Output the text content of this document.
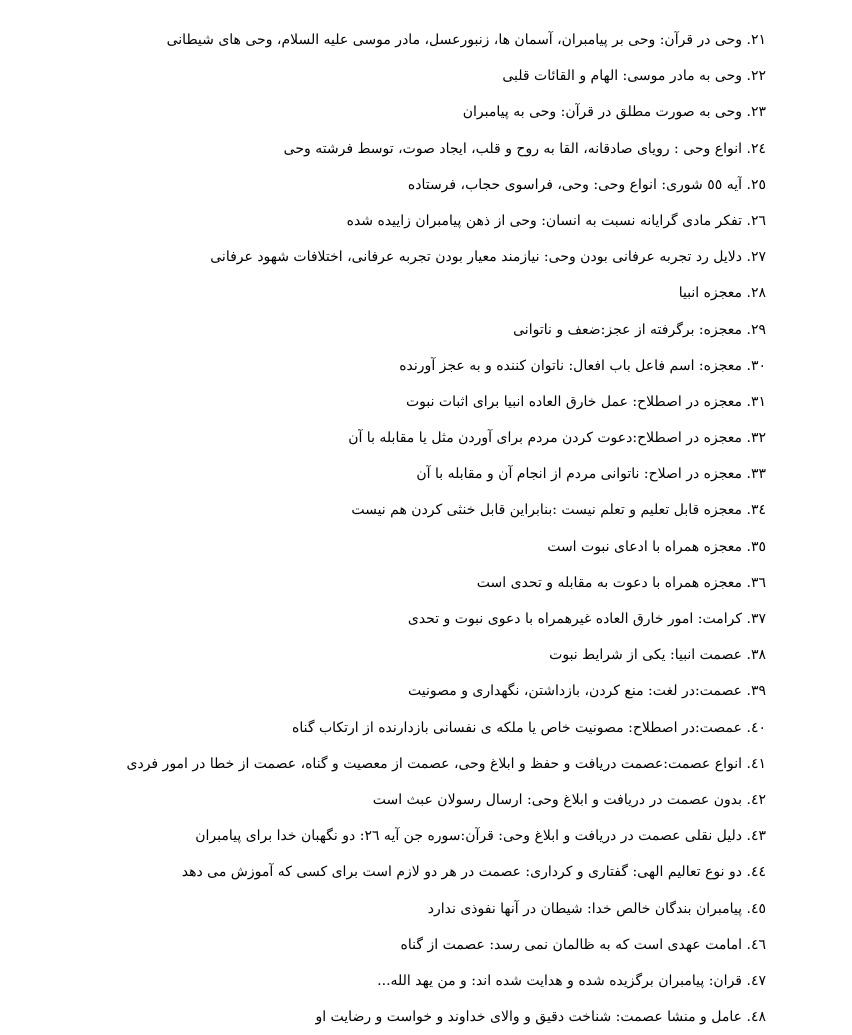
٢١.
وحی در قرآن: وحی بر پیامبران، آسمان ها، زنبورعسل، مادر موسی علیه السلام، وحی های شیطانی
٢٢.
وحی به مادر موسی: الهام و القائات قلبی
٢٣.
وحی به صورت مطلق در قرآن: وحی به پیامبران
٢٤.
انواع وحی : رویای صادقانه، القا به روح و قلب، ایجاد صوت، توسط فرشته وحی
٢٥.
آیه ٥٥ شوری: انواع وحی: وحی، فراسوی حجاب، فرستاده
٢٦.
تفکر مادی گرایانه نسبت به انسان: وحی از ذهن پیامبران زاییده شده
٢٧.
دلایل رد تجربه عرفانی بودن وحی: نیازمند معیار بودن تجربه عرفانی، اختلافات شهود عرفانی
٢٨.
معجزه انبیا
٢٩.
معجزه: برگرفته از عجز:ضعف و ناتوانی
٣٠.
معجزه: اسم فاعل باب افعال: ناتوان کننده و به عجز آورنده
٣١.
معجزه در اصطلاح: عمل خارق العاده انبیا برای اثبات نبوت
٣٢.
معجزه در اصطلاح:دعوت کردن مردم برای آوردن مثل یا مقابله با آن
٣٣.
معجزه در اصلاح: ناتوانی مردم از انجام آن و مقابله با آن
٣٤.
معجزه قابل تعلیم و تعلم نیست :بنابراین قابل خنثی کردن هم نیست
٣٥.
معجزه همراه با ادعای نبوت است
٣٦.
معجزه همراه با دعوت به مقابله و تحدی است
٣٧.
کرامت: امور خارق العاده غیرهمراه با دعوی نبوت و تحدی
٣٨.
عصمت انبیا: یکی از شرایط نبوت
٣٩.
عصمت:در لغت: منع کردن، بازداشتن، نگهداری و مصونیت
٤٠.
عمصت:در اصطلاح: مصونیت خاص یا ملکه ی نفسانی بازدارنده از ارتکاب گناه
٤١.
انواع عصمت:عصمت دریافت و حفظ و ابلاغ وحی، عصمت از معصیت و گناه، عصمت از خطا در امور فردی
٤٢.
بدون عصمت در دریافت و ابلاغ وحی: ارسال رسولان عبث است
٤٣.
دلیل نقلی عصمت در دریافت و ابلاغ وحی: قرآن:سوره جن آیه ٢٦: دو نگهبان خدا برای پیامبران
٤٤.
دو نوع تعالیم الهی: گفتاری و کرداری: عصمت در هر دو لازم است برای کسی که آموزش می دهد
٤٥.
پیامبران بندگان خالص خدا: شیطان در آنها نفوذی ندارد
٤٦.
امامت عهدی است که به ظالمان نمی رسد: عصمت از گناه
٤٧.
قران: پیامبران برگزیده شده و هدایت شده اند: و من یهد الله...
٤٨.
عامل و منشا عصمت: شناخت دقیق و والای خداوند و خواست و رضایت او
